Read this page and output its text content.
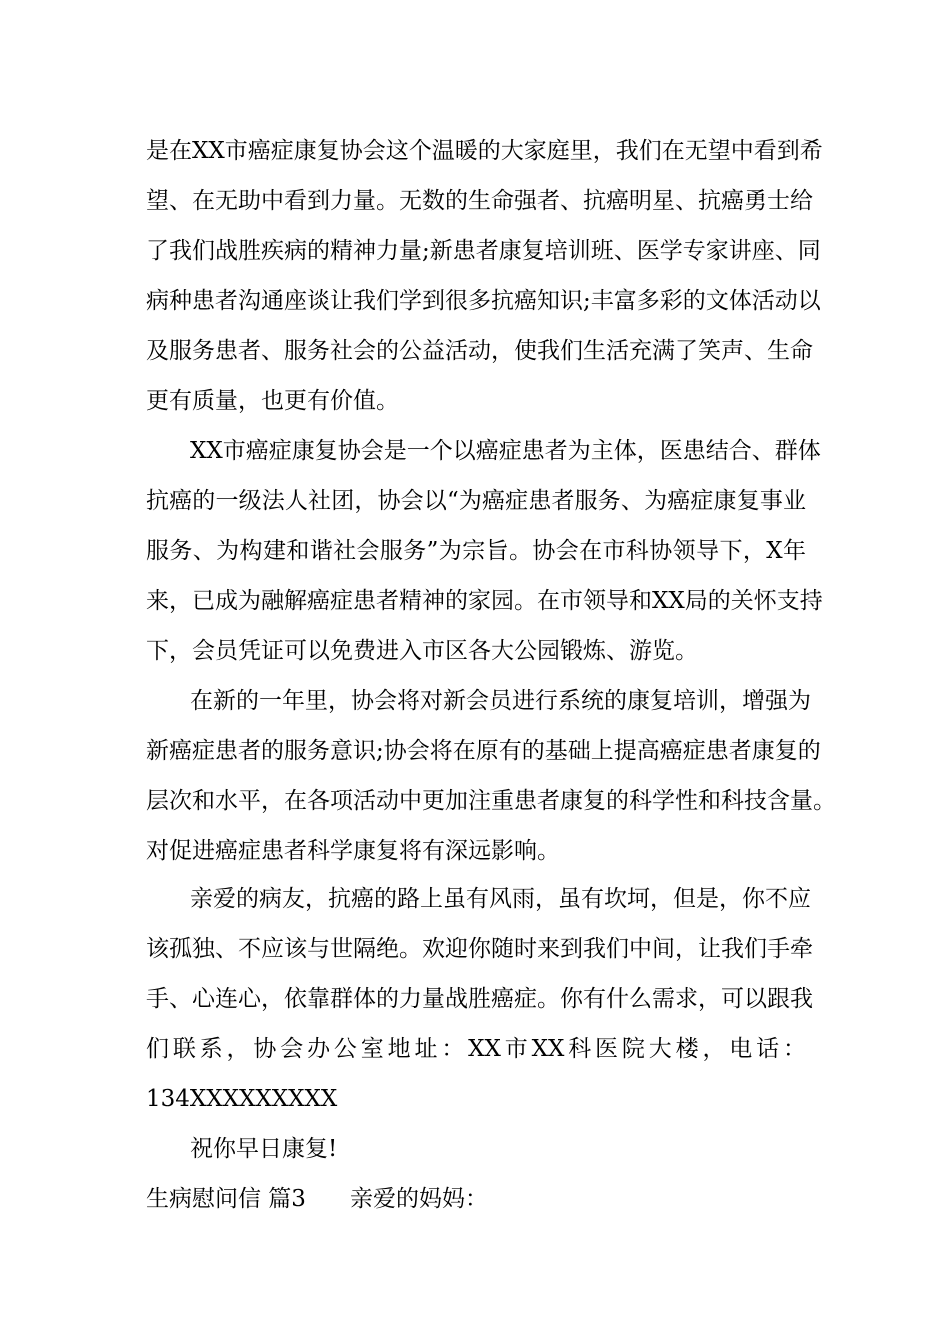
是在XX市癌症康复协会这个温暖的大家庭里，我们在无望中看到希
望、在无助中看到力量。无数的生命强者、抗癌明星、抗癌勇士给
了我们战胜疾病的精神力量;新患者康复培训班、医学专家讲座、同
病种患者沟通座谈让我们学到很多抗癌知识;丰富多彩的文体活动以
及服务患者、服务社会的公益活动，使我们生活充满了笑声、生命
更有质量，也更有价值。
XX市癌症康复协会是一个以癌症患者为主体，医患结合、群体
抗癌的一级法人社团，协会以“为癌症患者服务、为癌症康复事业
服务、为构建和谐社会服务”为宗旨。协会在市科协领导下，X年
来，已成为融解癌症患者精神的家园。在市领导和XX局的关怀支持
下，会员凭证可以免费进入市区各大公园锻炼、游览。
在新的一年里，协会将对新会员进行系统的康复培训，增强为
新癌症患者的服务意识;协会将在原有的基础上提高癌症患者康复的
层次和水平，在各项活动中更加注重患者康复的科学性和科技含量。
对促进癌症患者科学康复将有深远影响。
亲爱的病友，抗癌的路上虽有风雨，虽有坎坷，但是，你不应
该孤独、不应该与世隔绝。欢迎你随时来到我们中间，让我们手牵
手、心连心，依靠群体的力量战胜癌症。你有什么需求，可以跟我
们联系，协会办公室地址：XX市XX科医院大楼，电话：
134XXXXXXXXX
祝你早日康复!
生病慰问信 篇3 亲爱的妈妈：
